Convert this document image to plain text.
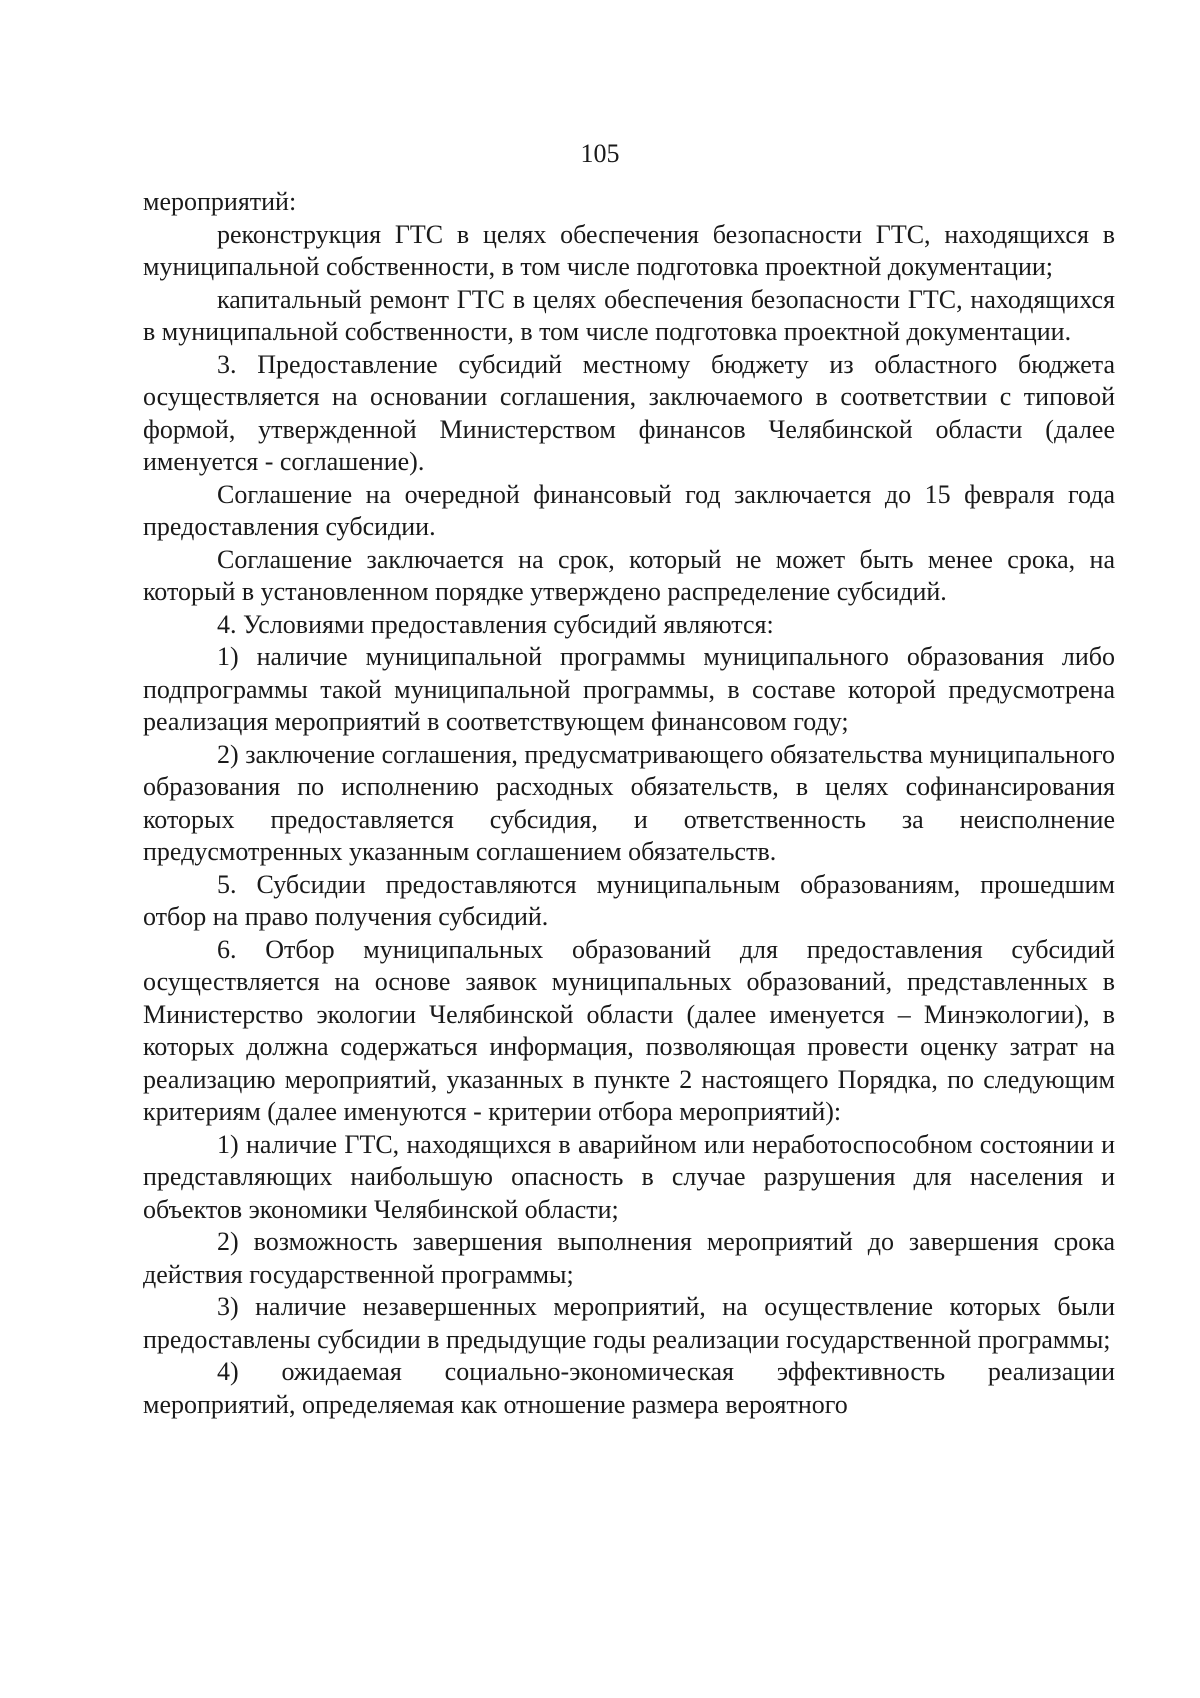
105

мероприятий:

реконструкция ГТС в целях обеспечения безопасности ГТС, находящихся в муниципальной собственности, в том числе подготовка проектной документации;

капитальный ремонт ГТС в целях обеспечения безопасности ГТС, находящихся в муниципальной собственности, в том числе подготовка проектной документации.

3. Предоставление субсидий местному бюджету из областного бюджета осуществляется на основании соглашения, заключаемого в соответствии с типовой формой, утвержденной Министерством финансов Челябинской области (далее именуется - соглашение).

Соглашение на очередной финансовый год заключается до 15 февраля года предоставления субсидии.

Соглашение заключается на срок, который не может быть менее срока, на который в установленном порядке утверждено распределение субсидий.

4. Условиями предоставления субсидий являются:

1) наличие муниципальной программы муниципального образования либо подпрограммы такой муниципальной программы, в составе которой предусмотрена реализация мероприятий в соответствующем финансовом году;

2) заключение соглашения, предусматривающего обязательства муниципального образования по исполнению расходных обязательств, в целях софинансирования которых предоставляется субсидия, и ответственность за неисполнение предусмотренных указанным соглашением обязательств.

5. Субсидии предоставляются муниципальным образованиям, прошедшим отбор на право получения субсидий.

6. Отбор муниципальных образований для предоставления субсидий осуществляется на основе заявок муниципальных образований, представленных в Министерство экологии Челябинской области (далее именуется – Минэкологии), в которых должна содержаться информация, позволяющая провести оценку затрат на реализацию мероприятий, указанных в пункте 2 настоящего Порядка, по следующим критериям (далее именуются - критерии отбора мероприятий):

1) наличие ГТС, находящихся в аварийном или неработоспособном состоянии и представляющих наибольшую опасность в случае разрушения для населения и объектов экономики Челябинской области;

2) возможность завершения выполнения мероприятий до завершения срока действия государственной программы;

3) наличие незавершенных мероприятий, на осуществление которых были предоставлены субсидии в предыдущие годы реализации государственной программы;

4) ожидаемая социально-экономическая эффективность реализации мероприятий, определяемая как отношение размера вероятного
